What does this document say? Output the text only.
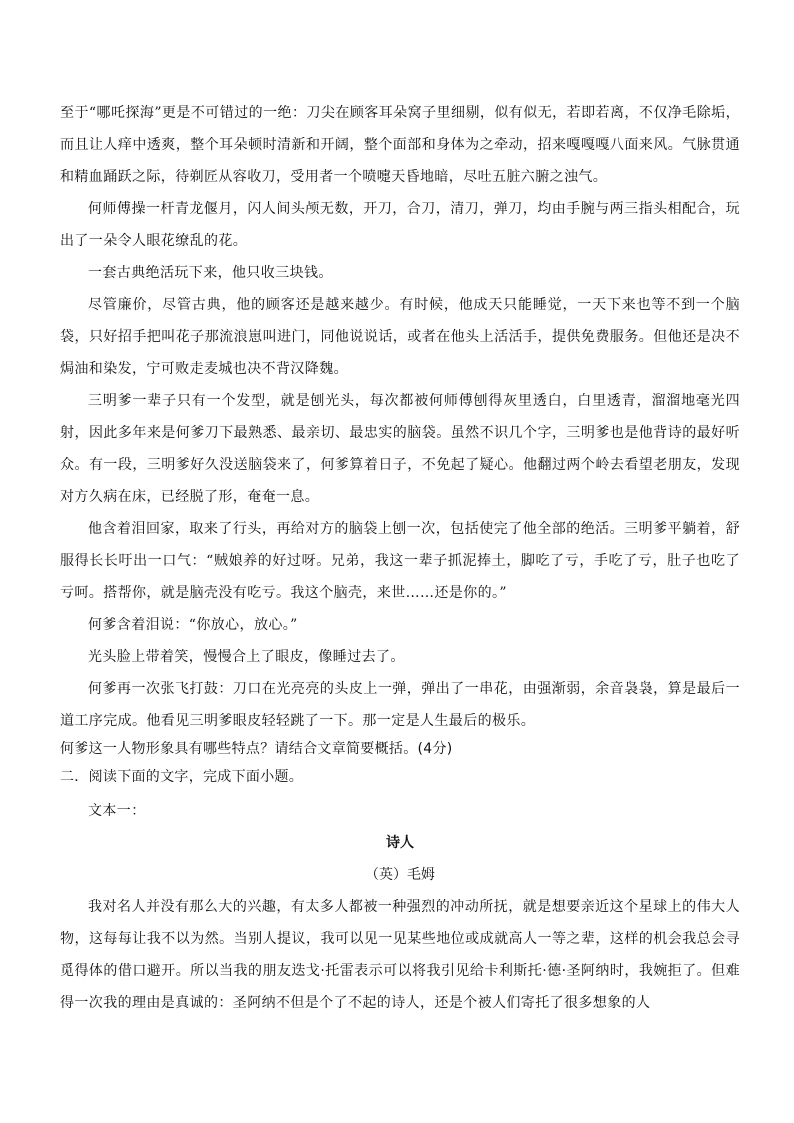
至于“哪吒探海”更是不可错过的一绝：刀尖在顾客耳朵窝子里细剔，似有似无，若即若离，不仅净毛除垢，而且让人痒中透爽，整个耳朵顿时清新和开阔，整个面部和身体为之牵动，招来嘎嘎嘎八面来风。气脉贯通和精血踊跃之际，待剃匠从容收刀，受用者一个喷嚏天昏地暗，尽吐五脏六腑之浊气。

何师傅操一杆青龙偃月，闪人间头颅无数，开刀，合刀，清刀，弹刀，均由手腕与两三指头相配合，玩出了一朵令人眼花缭乱的花。

一套古典绝活玩下来，他只收三块钱。

尽管廉价，尽管古典，他的顾客还是越来越少。有时候，他成天只能睡觉，一天下来也等不到一个脑袋，只好招手把叫花子那流浪崽叫进门，同他说说话，或者在他头上活活手，提供免费服务。但他还是决不焗油和染发，宁可败走麦城也决不背汉降魏。

三明爹一辈子只有一个发型，就是刨光头，每次都被何师傅刨得灰里透白，白里透青，溜溜地毫光四射，因此多年来是何爹刀下最熟悉、最亲切、最忠实的脑袋。虽然不识几个字，三明爹也是他背诗的最好听众。有一段，三明爹好久没送脑袋来了，何爹算着日子，不免起了疑心。他翻过两个岭去看望老朋友，发现对方久病在床，已经脱了形，奄奄一息。

他含着泪回家，取来了行头，再给对方的脑袋上刨一次，包括使完了他全部的绝活。三明爹平躺着，舒服得长长吁出一口气：“贼娘养的好过呀。兄弟，我这一辈子抓泥捧土，脚吃了亏，手吃了亏，肚子也吃了亏呵。搭帮你，就是脑壳没有吃亏。我这个脑壳，来世……还是你的。”

何爹含着泪说：“你放心，放心。”

光头脸上带着笑，慢慢合上了眼皮，像睡过去了。

何爹再一次张飞打鼓：刀口在光亮亮的头皮上一弹，弹出了一串花，由强渐弱，余音袅袅，算是最后一道工序完成。他看见三明爹眼皮轻轻跳了一下。那一定是人生最后的极乐。

何爹这一人物形象具有哪些特点？请结合文章简要概括。(4分)

二．阅读下面的文字，完成下面小题。

文本一：

诗人

（英）毛姆

我对名人并没有那么大的兴趣，有太多人都被一种强烈的冲动所抚，就是想要亲近这个星球上的伟大人物，这每每让我不以为然。当别人提议，我可以见一见某些地位或成就高人一等之辈，这样的机会我总会寻觅得体的借口避开。所以当我的朋友迭戈·托雷表示可以将我引见给卡利斯托·德·圣阿纳时，我婉拒了。但难得一次我的理由是真诚的：圣阿纳不但是个了不起的诗人，还是个被人们寄托了很多想象的人
